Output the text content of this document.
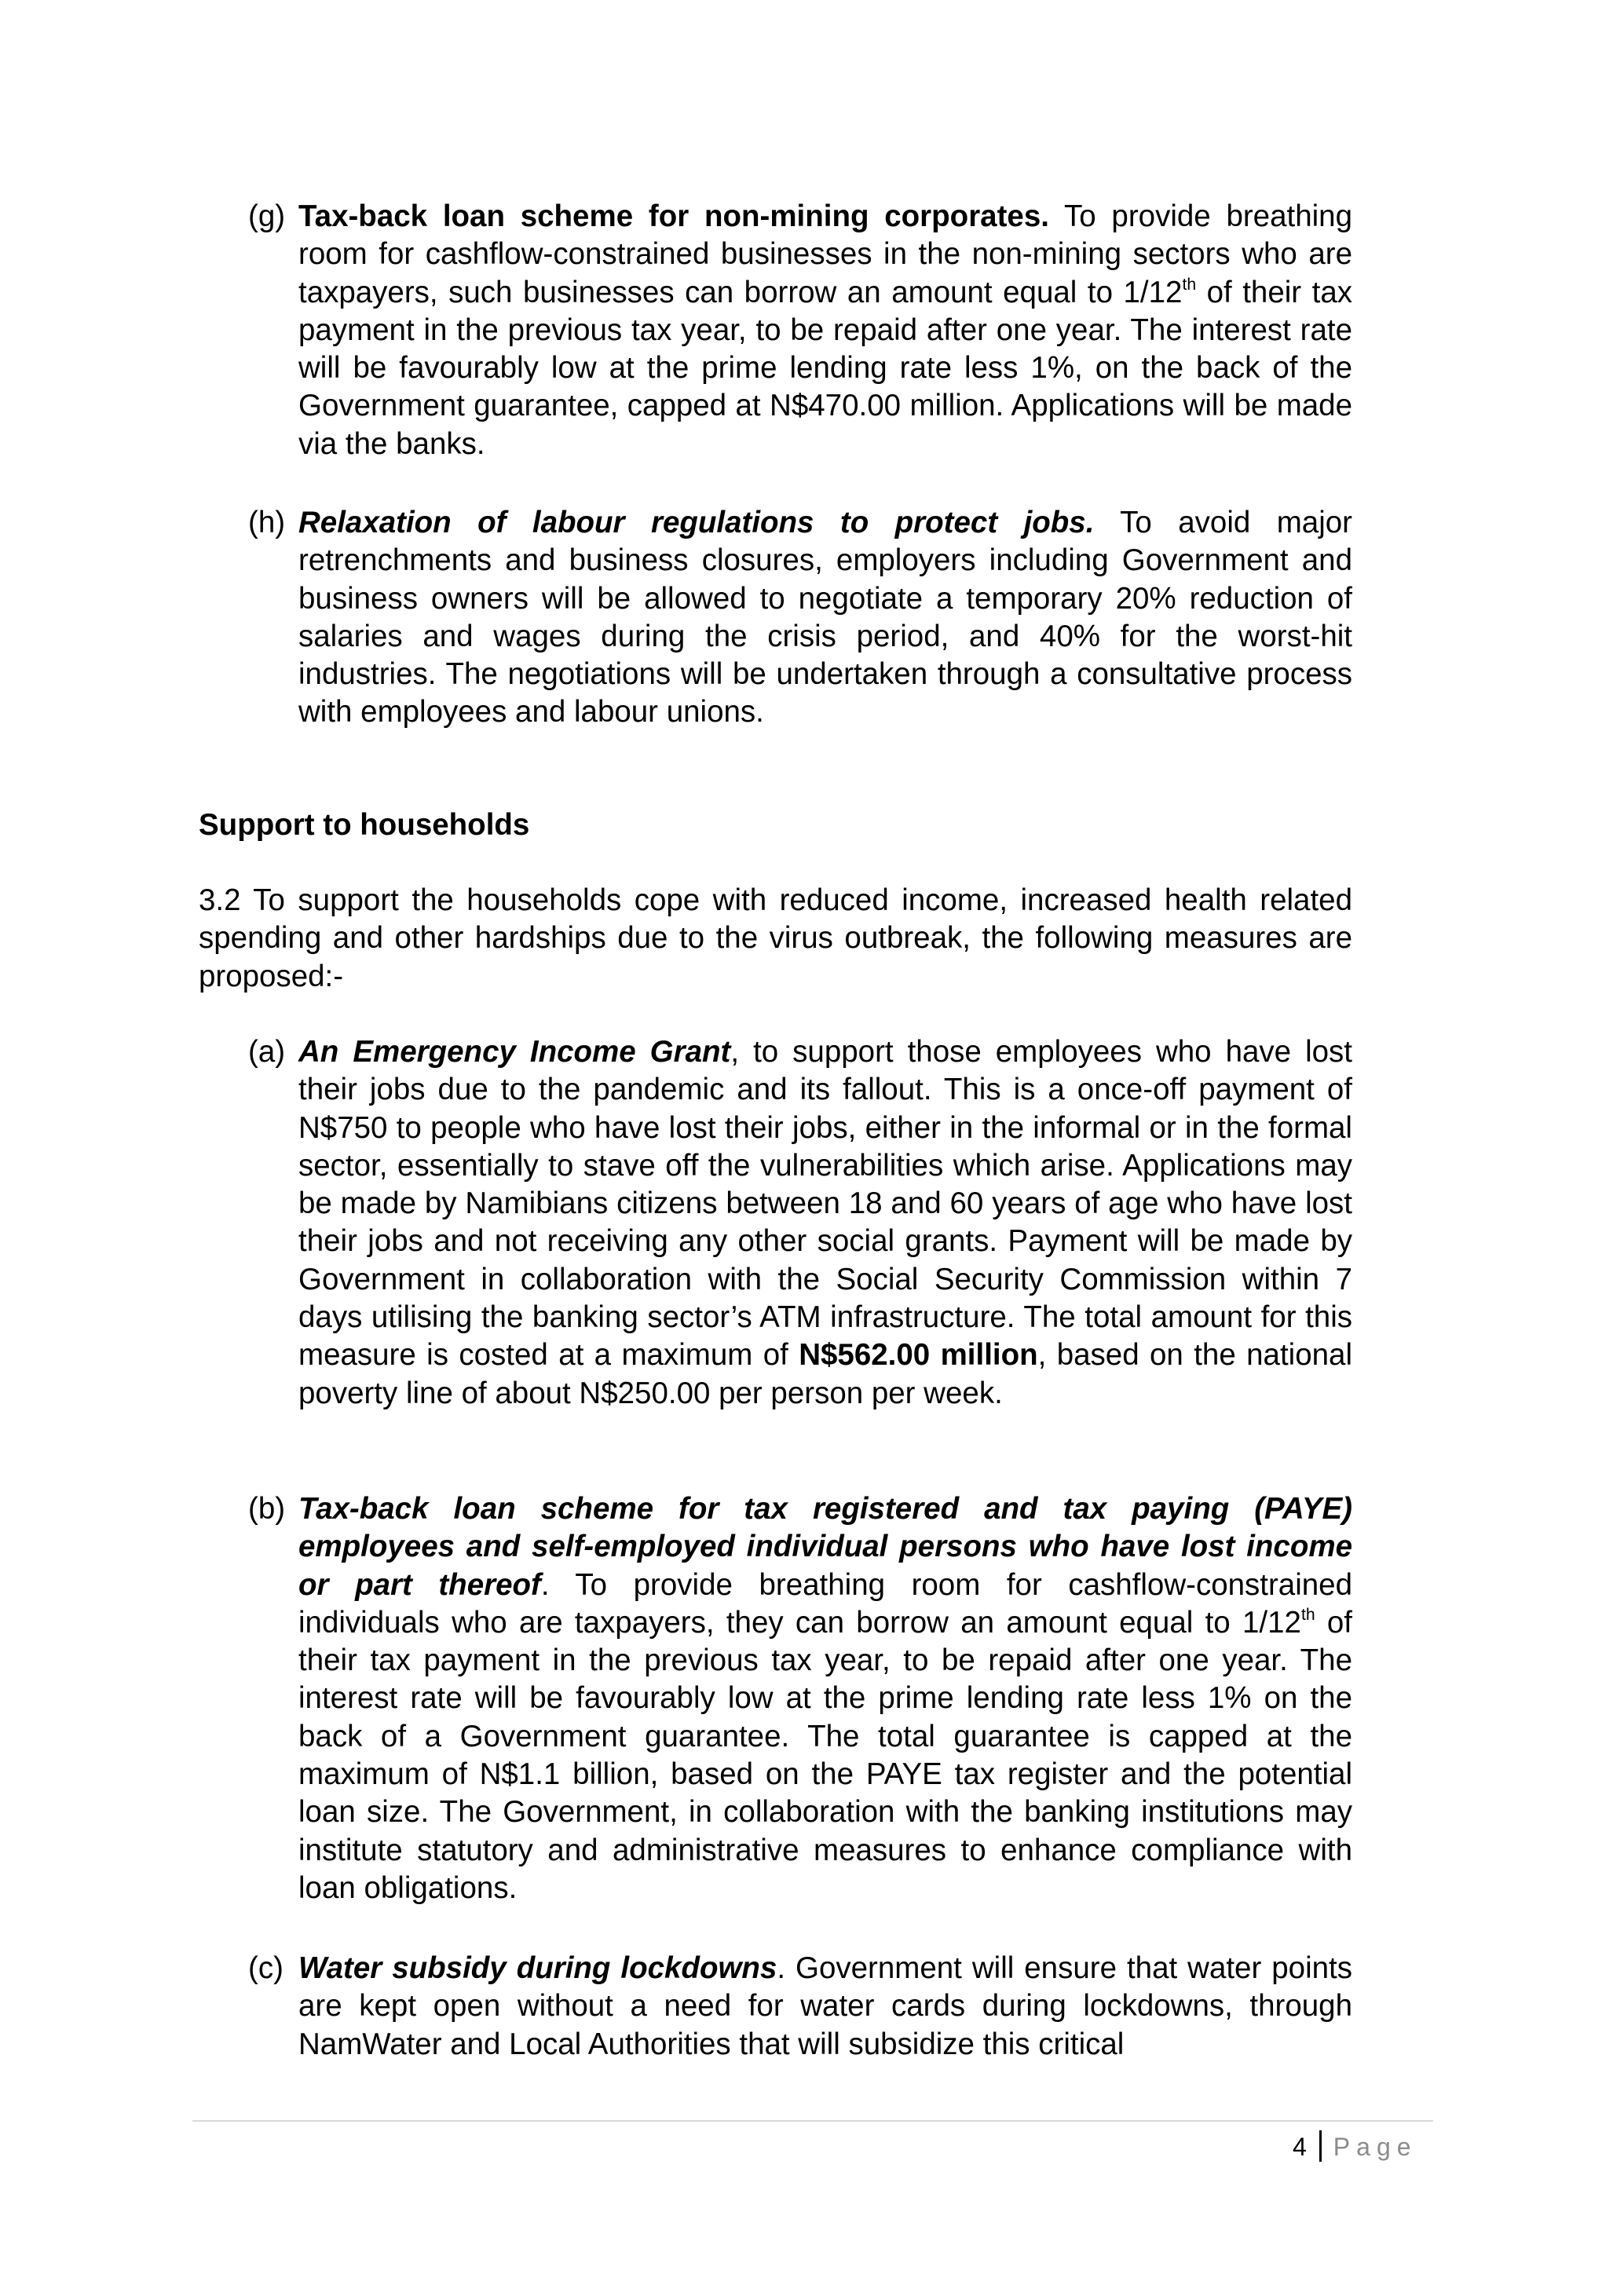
(g) Tax-back loan scheme for non-mining corporates. To provide breathing room for cashflow-constrained businesses in the non-mining sectors who are taxpayers, such businesses can borrow an amount equal to 1/12th of their tax payment in the previous tax year, to be repaid after one year. The interest rate will be favourably low at the prime lending rate less 1%, on the back of the Government guarantee, capped at N$470.00 million. Applications will be made via the banks.
(h) Relaxation of labour regulations to protect jobs. To avoid major retrenchments and business closures, employers including Government and business owners will be allowed to negotiate a temporary 20% reduction of salaries and wages during the crisis period, and 40% for the worst-hit industries. The negotiations will be undertaken through a consultative process with employees and labour unions.
Support to households
3.2 To support the households cope with reduced income, increased health related spending and other hardships due to the virus outbreak, the following measures are proposed:-
(a) An Emergency Income Grant, to support those employees who have lost their jobs due to the pandemic and its fallout. This is a once-off payment of N$750 to people who have lost their jobs, either in the informal or in the formal sector, essentially to stave off the vulnerabilities which arise. Applications may be made by Namibians citizens between 18 and 60 years of age who have lost their jobs and not receiving any other social grants. Payment will be made by Government in collaboration with the Social Security Commission within 7 days utilising the banking sector’s ATM infrastructure. The total amount for this measure is costed at a maximum of N$562.00 million, based on the national poverty line of about N$250.00 per person per week.
(b) Tax-back loan scheme for tax registered and tax paying (PAYE) employees and self-employed individual persons who have lost income or part thereof. To provide breathing room for cashflow-constrained individuals who are taxpayers, they can borrow an amount equal to 1/12th of their tax payment in the previous tax year, to be repaid after one year. The interest rate will be favourably low at the prime lending rate less 1% on the back of a Government guarantee. The total guarantee is capped at the maximum of N$1.1 billion, based on the PAYE tax register and the potential loan size. The Government, in collaboration with the banking institutions may institute statutory and administrative measures to enhance compliance with loan obligations.
(c) Water subsidy during lockdowns. Government will ensure that water points are kept open without a need for water cards during lockdowns, through NamWater and Local Authorities that will subsidize this critical
4 Page
